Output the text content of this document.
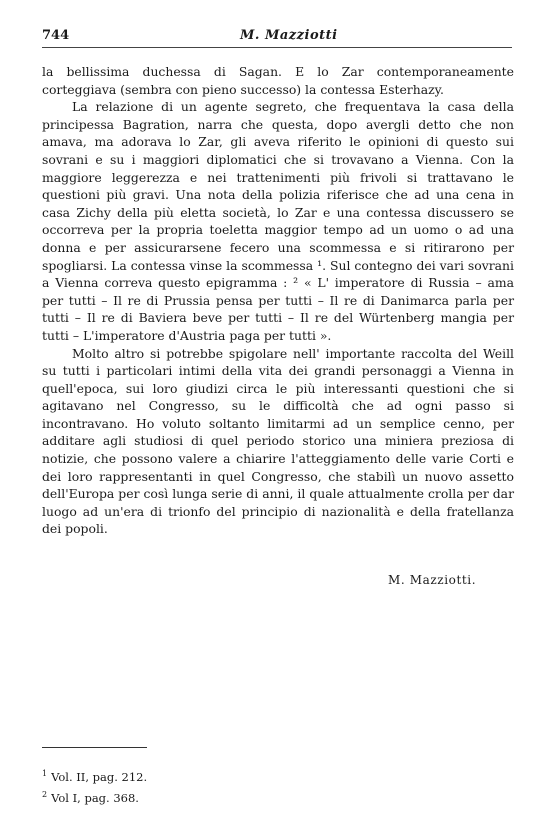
744	M. Mazziotti

la bellissima duchessa di Sagan. E lo Zar contemporaneamente corteggiava (sembra con pieno successo) la contessa Esterhazy.

La relazione di un agente segreto, che frequentava la casa della principessa Bagration, narra che questa, dopo avergli detto che non amava, ma adorava lo Zar, gli aveva riferito le opinioni di questo sui sovrani e su i maggiori diplomatici che si trovavano a Vienna. Con la maggiore leggerezza e nei trattenimenti più frivoli si trattavano le questioni più gravi. Una nota della polizia riferisce che ad una cena in casa Zichy della più eletta società, lo Zar e una contessa discussero se occorreva per la propria toeletta maggior tempo ad un uomo o ad una donna e per assicurarsene fecero una scommessa e si ritirarono per spogliarsi. La contessa vinse la scommessa ¹. Sul contegno dei vari sovrani a Vienna correva questo epigramma : ² « L' imperatore di Russia – ama per tutti – Il re di Prussia pensa per tutti – Il re di Danimarca parla per tutti – Il re di Baviera beve per tutti – Il re del Würtenberg mangia per tutti – L'imperatore d'Austria paga per tutti ».

Molto altro si potrebbe spigolare nell' importante raccolta del Weill su tutti i particolari intimi della vita dei grandi personaggi a Vienna in quell'epoca, sui loro giudizi circa le più interessanti questioni che si agitavano nel Congresso, su le difficoltà che ad ogni passo si incontravano. Ho voluto soltanto limitarmi ad un semplice cenno, per additare agli studiosi di quel periodo storico una miniera preziosa di notizie, che possono valere a chiarire l'atteggiamento delle varie Corti e dei loro rappresentanti in quel Congresso, che stabilì un nuovo assetto dell'Europa per così lunga serie di anni, il quale attualmente crolla per dar luogo ad un'era di trionfo del principio di nazionalità e della fratellanza dei popoli.

M. Mazziotti.
$^1$ Vol. II, pag. 212.
$^2$ Vol I, pag. 368.
